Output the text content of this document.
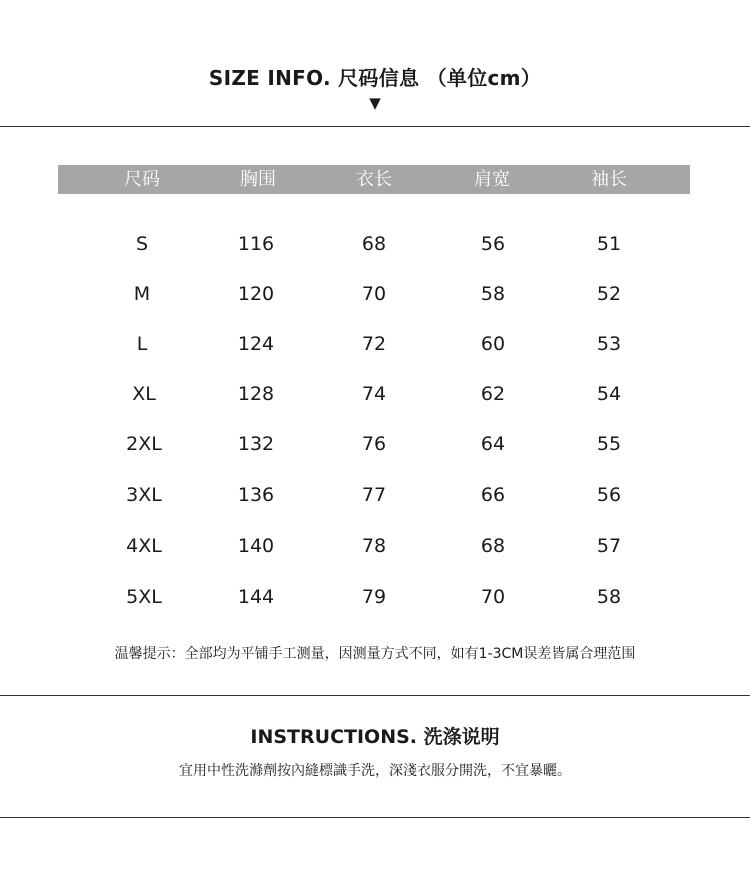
SIZE INFO. 尺码信息 （单位cm）
▼
尺码	胸围	衣长	肩宽	袖长
S	116	68	56	51
M	120	70	58	52
L	124	72	60	53
XL	128	74	62	54
2XL	132	76	64	55
3XL	136	77	66	56
4XL	140	78	68	57
5XL	144	79	70	58
温馨提示：全部均为平铺手工测量，因测量方式不同，如有1-3CM误差皆属合理范围
INSTRUCTIONS. 洗涤说明
宜用中性洗滌劑按內縫標識手洗，深淺衣服分開洗，不宜暴曬。
